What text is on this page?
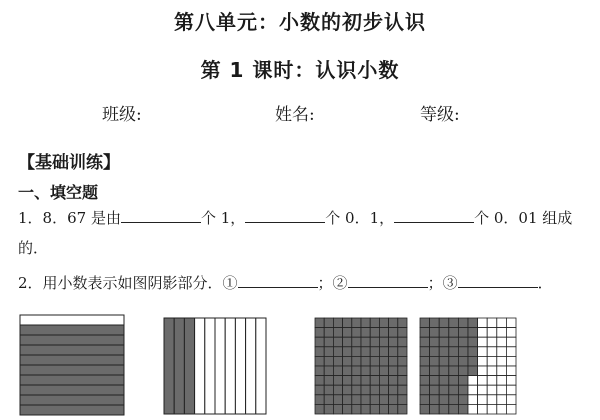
第八单元：小数的初步认识
第 1 课时：认识小数
班级:	姓名:	等级:
【基础训练】
一、填空题
1．8．67 是由	个 1，	个 0．1，	个 0．01 组成
的．
2．用小数表示如图阴影部分．①	；②	；③	．
